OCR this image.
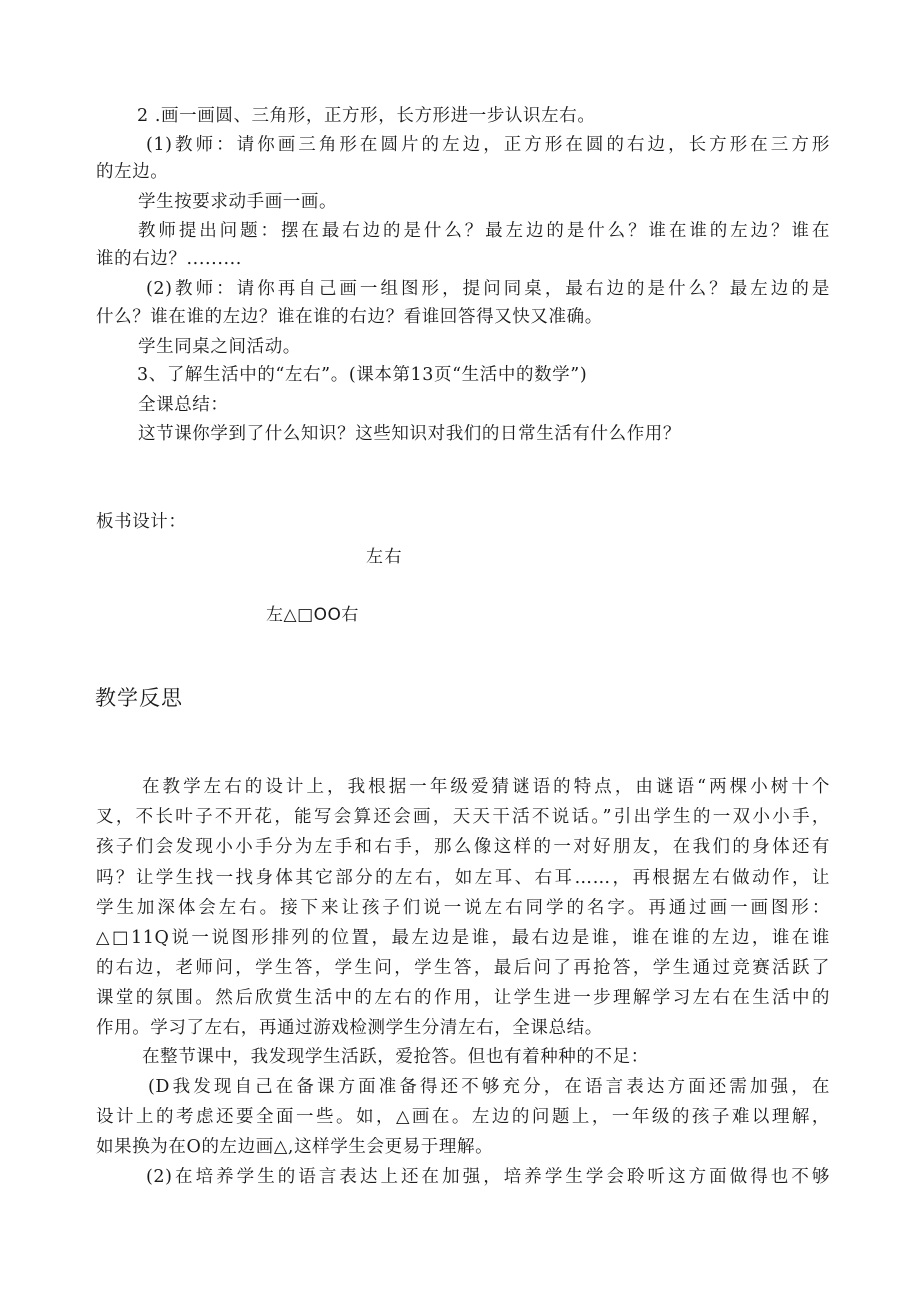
2 .画一画圆、三角形，正方形，长方形进一步认识左右。
(1)教师：请你画三角形在圆片的左边，正方形在圆的右边，长方形在三方形
的左边。
学生按要求动手画一画。
教师提出问题：摆在最右边的是什么？最左边的是什么？谁在谁的左边？谁在
谁的右边？.........
(2)教师：请你再自己画一组图形，提问同桌，最右边的是什么？最左边的是
什么？谁在谁的左边？谁在谁的右边？看谁回答得又快又准确。
学生同桌之间活动。
3、了解生活中的“左右”。(课本第13页“生活中的数学”)
全课总结：
这节课你学到了什么知识？这些知识对我们的日常生活有什么作用？
板书设计：
左右
左△□OO右
教学反思
在教学左右的设计上，我根据一年级爱猜谜语的特点，由谜语“两棵小树十个
叉，不长叶子不开花，能写会算还会画，天天干活不说话。”引出学生的一双小小手，
孩子们会发现小小手分为左手和右手，那么像这样的一对好朋友，在我们的身体还有
吗？让学生找一找身体其它部分的左右，如左耳、右耳……，再根据左右做动作，让
学生加深体会左右。接下来让孩子们说一说左右同学的名字。再通过画一画图形：
△□11Q说一说图形排列的位置，最左边是谁，最右边是谁，谁在谁的左边，谁在谁
的右边，老师问，学生答，学生问，学生答，最后问了再抢答，学生通过竞赛活跃了
课堂的氛围。然后欣赏生活中的左右的作用，让学生进一步理解学习左右在生活中的
作用。学习了左右，再通过游戏检测学生分清左右，全课总结。
在整节课中，我发现学生活跃，爱抢答。但也有着种种的不足：
(D我发现自己在备课方面准备得还不够充分，在语言表达方面还需加强，在
设计上的考虑还要全面一些。如，△画在。左边的问题上，一年级的孩子难以理解，
如果换为在O的左边画△,这样学生会更易于理解。
(2)在培养学生的语言表达上还在加强，培养学生学会聆听这方面做得也不够
